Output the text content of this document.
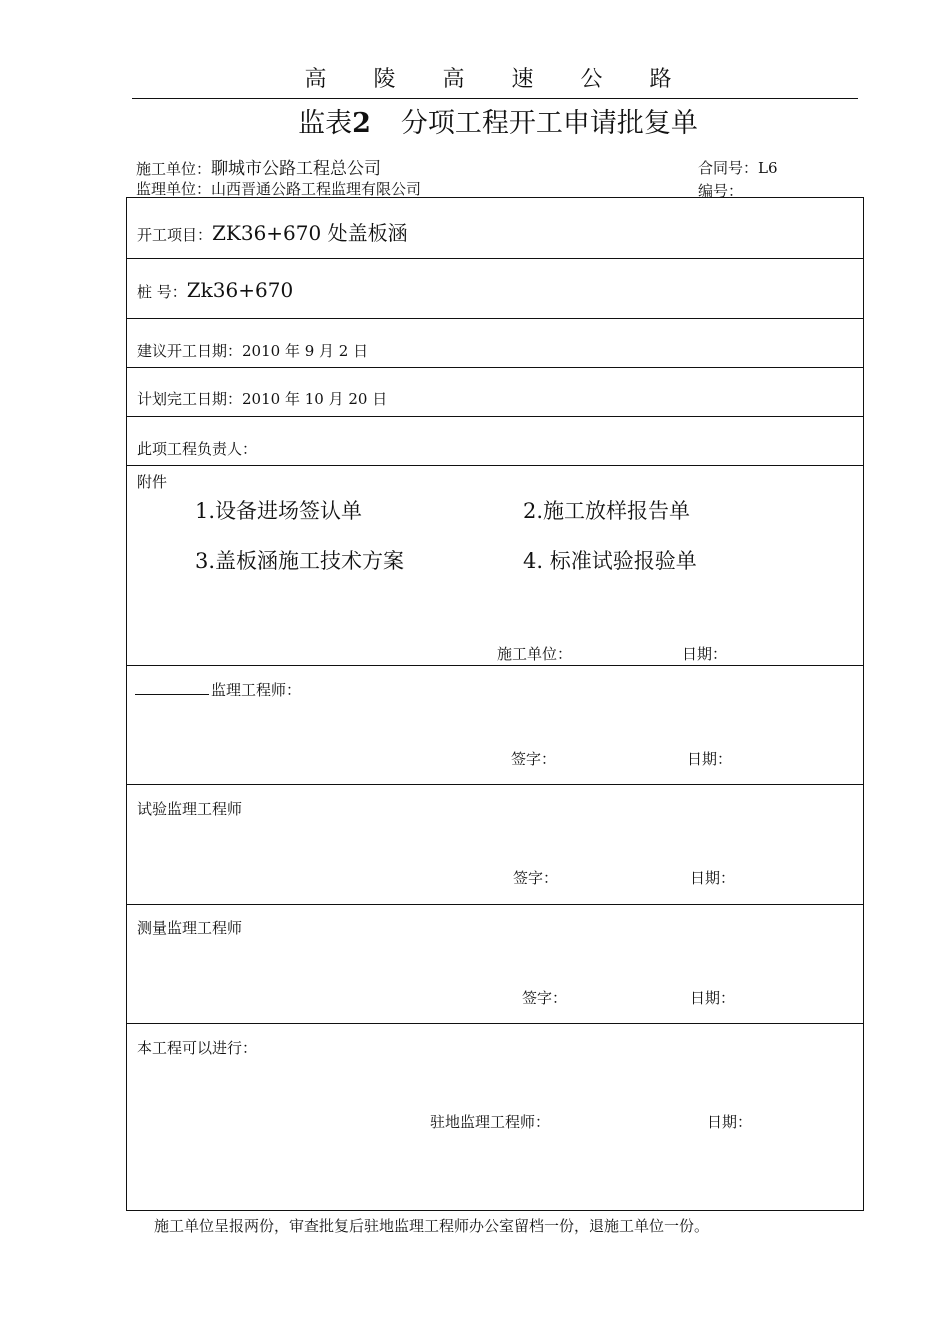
高 陵 高 速 公 路
监表2 分项工程开工申请批复单
施工单位：聊城市公路工程总公司
监理单位：山西晋通公路工程监理有限公司
合同号：L6
编号：
开工项目：ZK36+670 处盖板涵
桩 号：Zk36+670
建议开工日期：2010 年 9 月 2 日
计划完工日期：2010 年 10 月 20 日
此项工程负责人：
附件
1.设备进场签认单	2.施工放样报告单
3.盖板涵施工技术方案	4. 标准试验报验单
施工单位：	日期：
监理工程师：
签字：	日期：
试验监理工程师
签字：	日期：
测量监理工程师
签字：	日期：
本工程可以进行：
驻地监理工程师：	日期：
施工单位呈报两份，审查批复后驻地监理工程师办公室留档一份，退施工单位一份。
